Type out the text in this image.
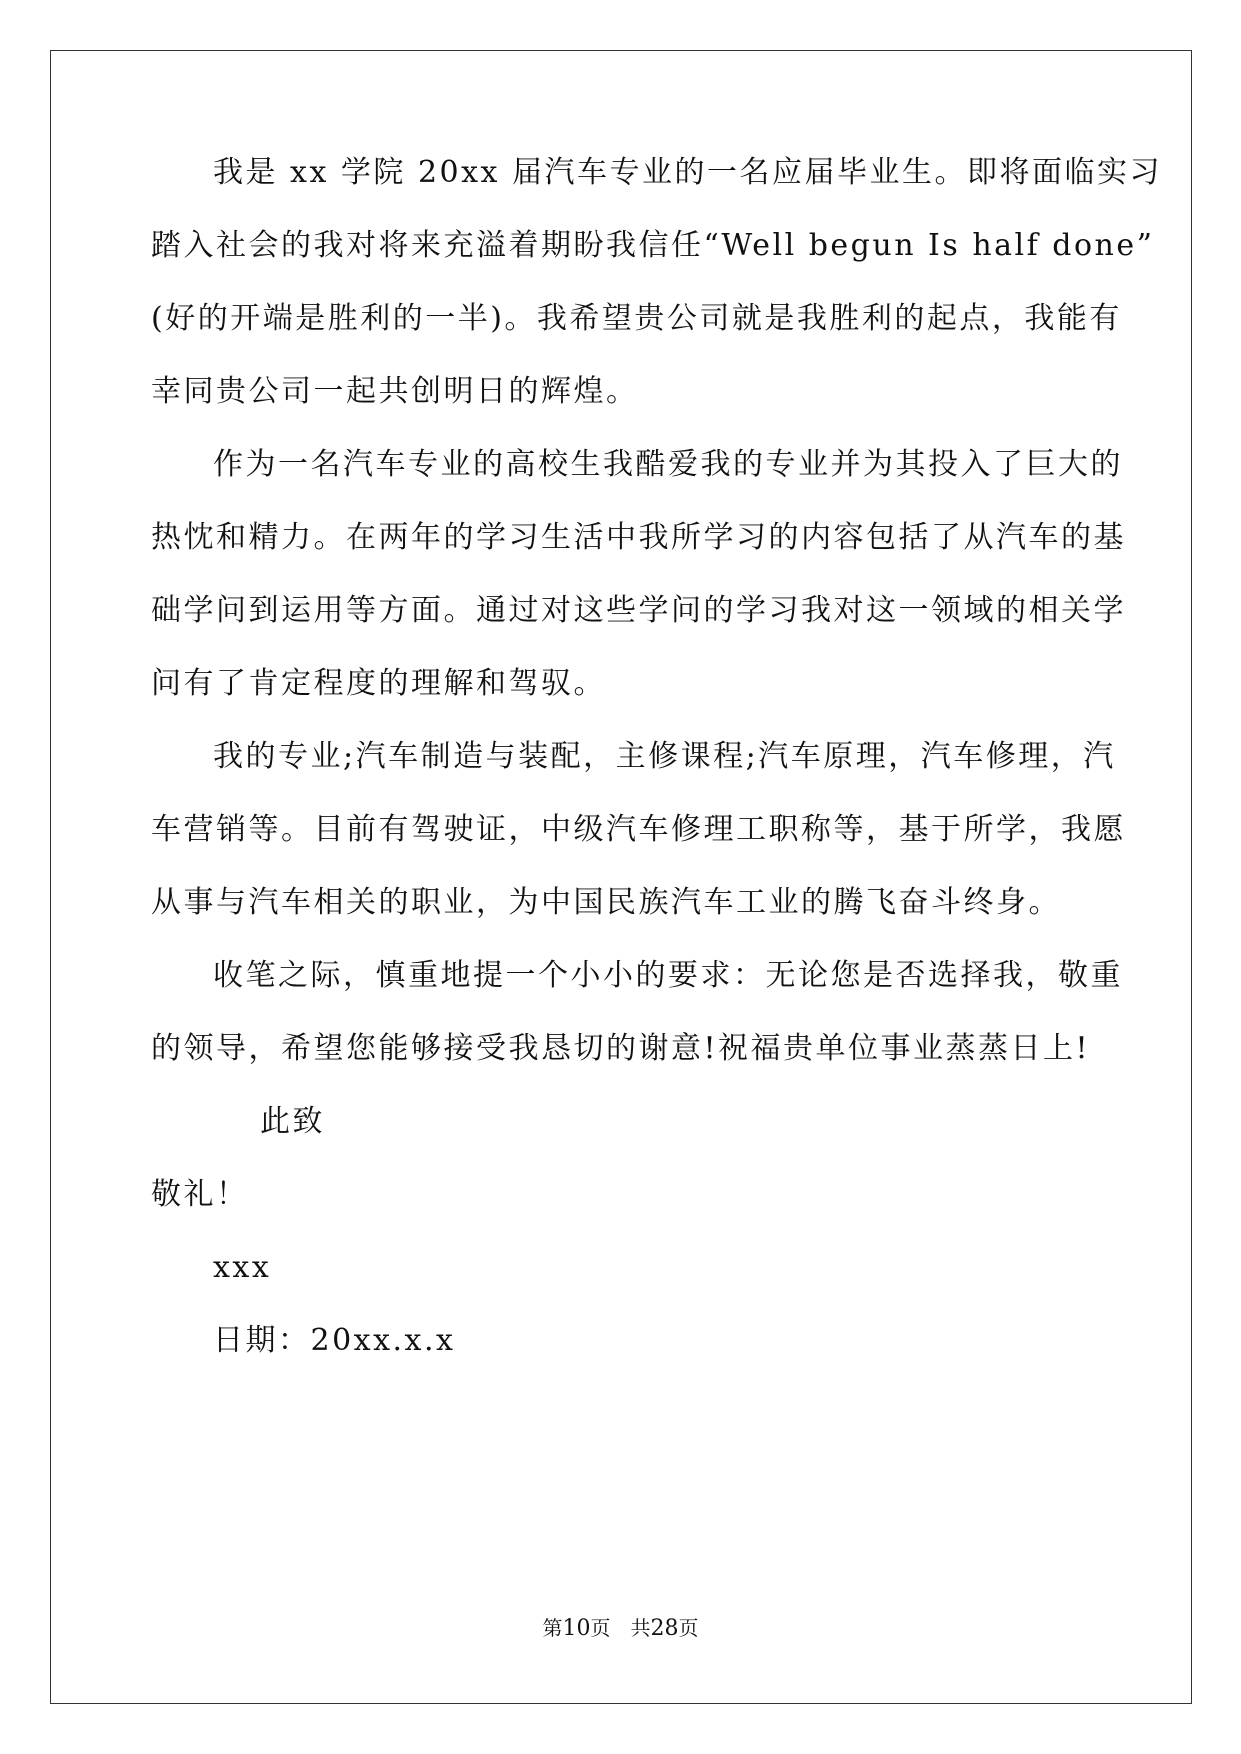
我是 xx 学院 20xx 届汽车专业的一名应届毕业生。即将面临实习
踏入社会的我对将来充溢着期盼我信任“Well begun Is half done”
(好的开端是胜利的一半)。我希望贵公司就是我胜利的起点，我能有
幸同贵公司一起共创明日的辉煌。
作为一名汽车专业的高校生我酷爱我的专业并为其投入了巨大的
热忱和精力。在两年的学习生活中我所学习的内容包括了从汽车的基
础学问到运用等方面。通过对这些学问的学习我对这一领域的相关学
问有了肯定程度的理解和驾驭。
我的专业;汽车制造与装配，主修课程;汽车原理，汽车修理，汽
车营销等。目前有驾驶证，中级汽车修理工职称等，基于所学，我愿
从事与汽车相关的职业，为中国民族汽车工业的腾飞奋斗终身。
收笔之际，慎重地提一个小小的要求：无论您是否选择我，敬重
的领导，希望您能够接受我恳切的谢意!祝福贵单位事业蒸蒸日上!
此致
敬礼！
xxx
日期：20xx.x.x
第10页 共28页
